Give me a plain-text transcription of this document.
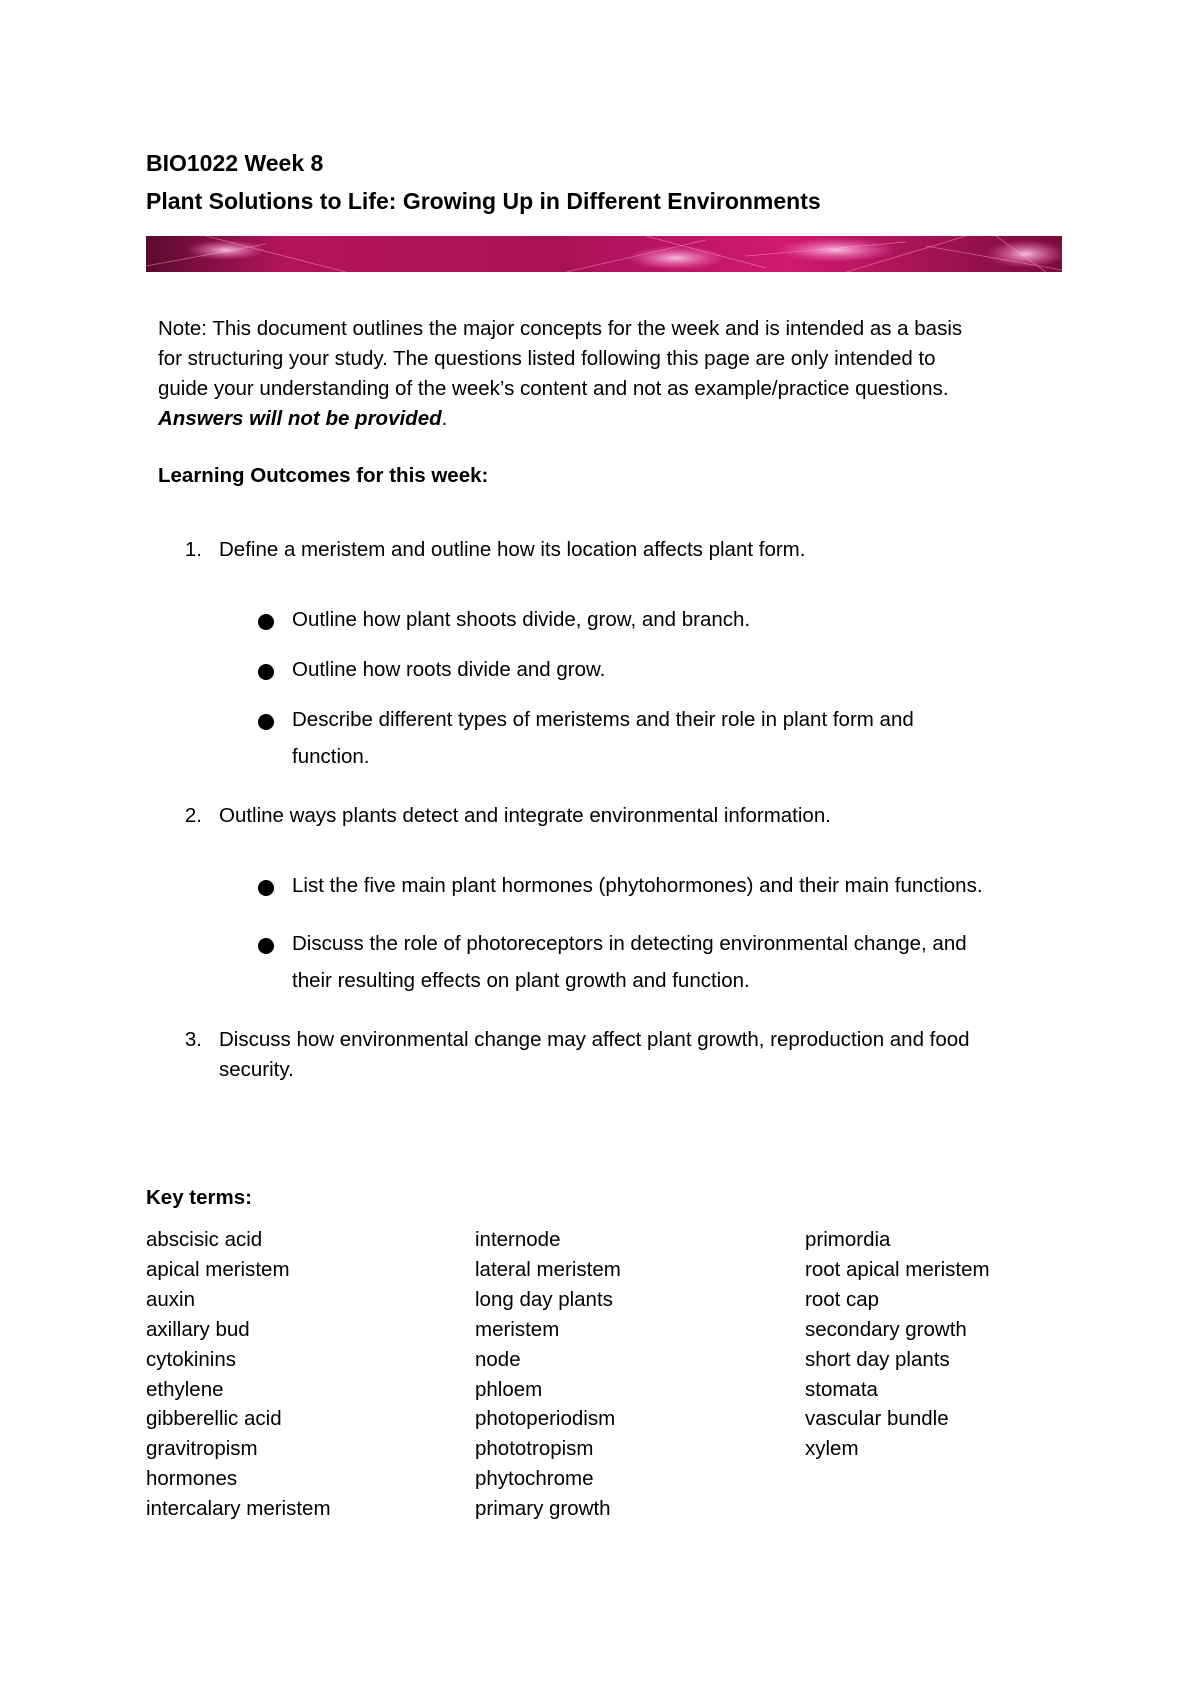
BIO1022 Week 8
Plant Solutions to Life: Growing Up in Different Environments

Note: This document outlines the major concepts for the week and is intended as a basis

for structuring your study. The questions listed following this page are only intended to

guide your understanding of the week’s content and not as example/practice questions.

Answers will not be provided.

Learning Outcomes for this week:
1. Define a meristem and outline how its location affects plant form.
Outline how plant shoots divide, grow, and branch.
Outline how roots divide and grow.
Describe different types of meristems and their role in plant form and
function.
2. Outline ways plants detect and integrate environmental information.
List the five main plant hormones (phytohormones) and their main functions.
Discuss the role of photoreceptors in detecting environmental change, and
their resulting effects on plant growth and function.
3. Discuss how environmental change may affect plant growth, reproduction and food
security.
Key terms:
abscisic acid
apical meristem
auxin
axillary bud
cytokinins
ethylene
gibberellic acid
gravitropism
hormones
intercalary meristem
internode
lateral meristem
long day plants
meristem
node
phloem
photoperiodism
phototropism
phytochrome
primary growth
primordia
root apical meristem
root cap
secondary growth
short day plants
stomata
vascular bundle
xylem
